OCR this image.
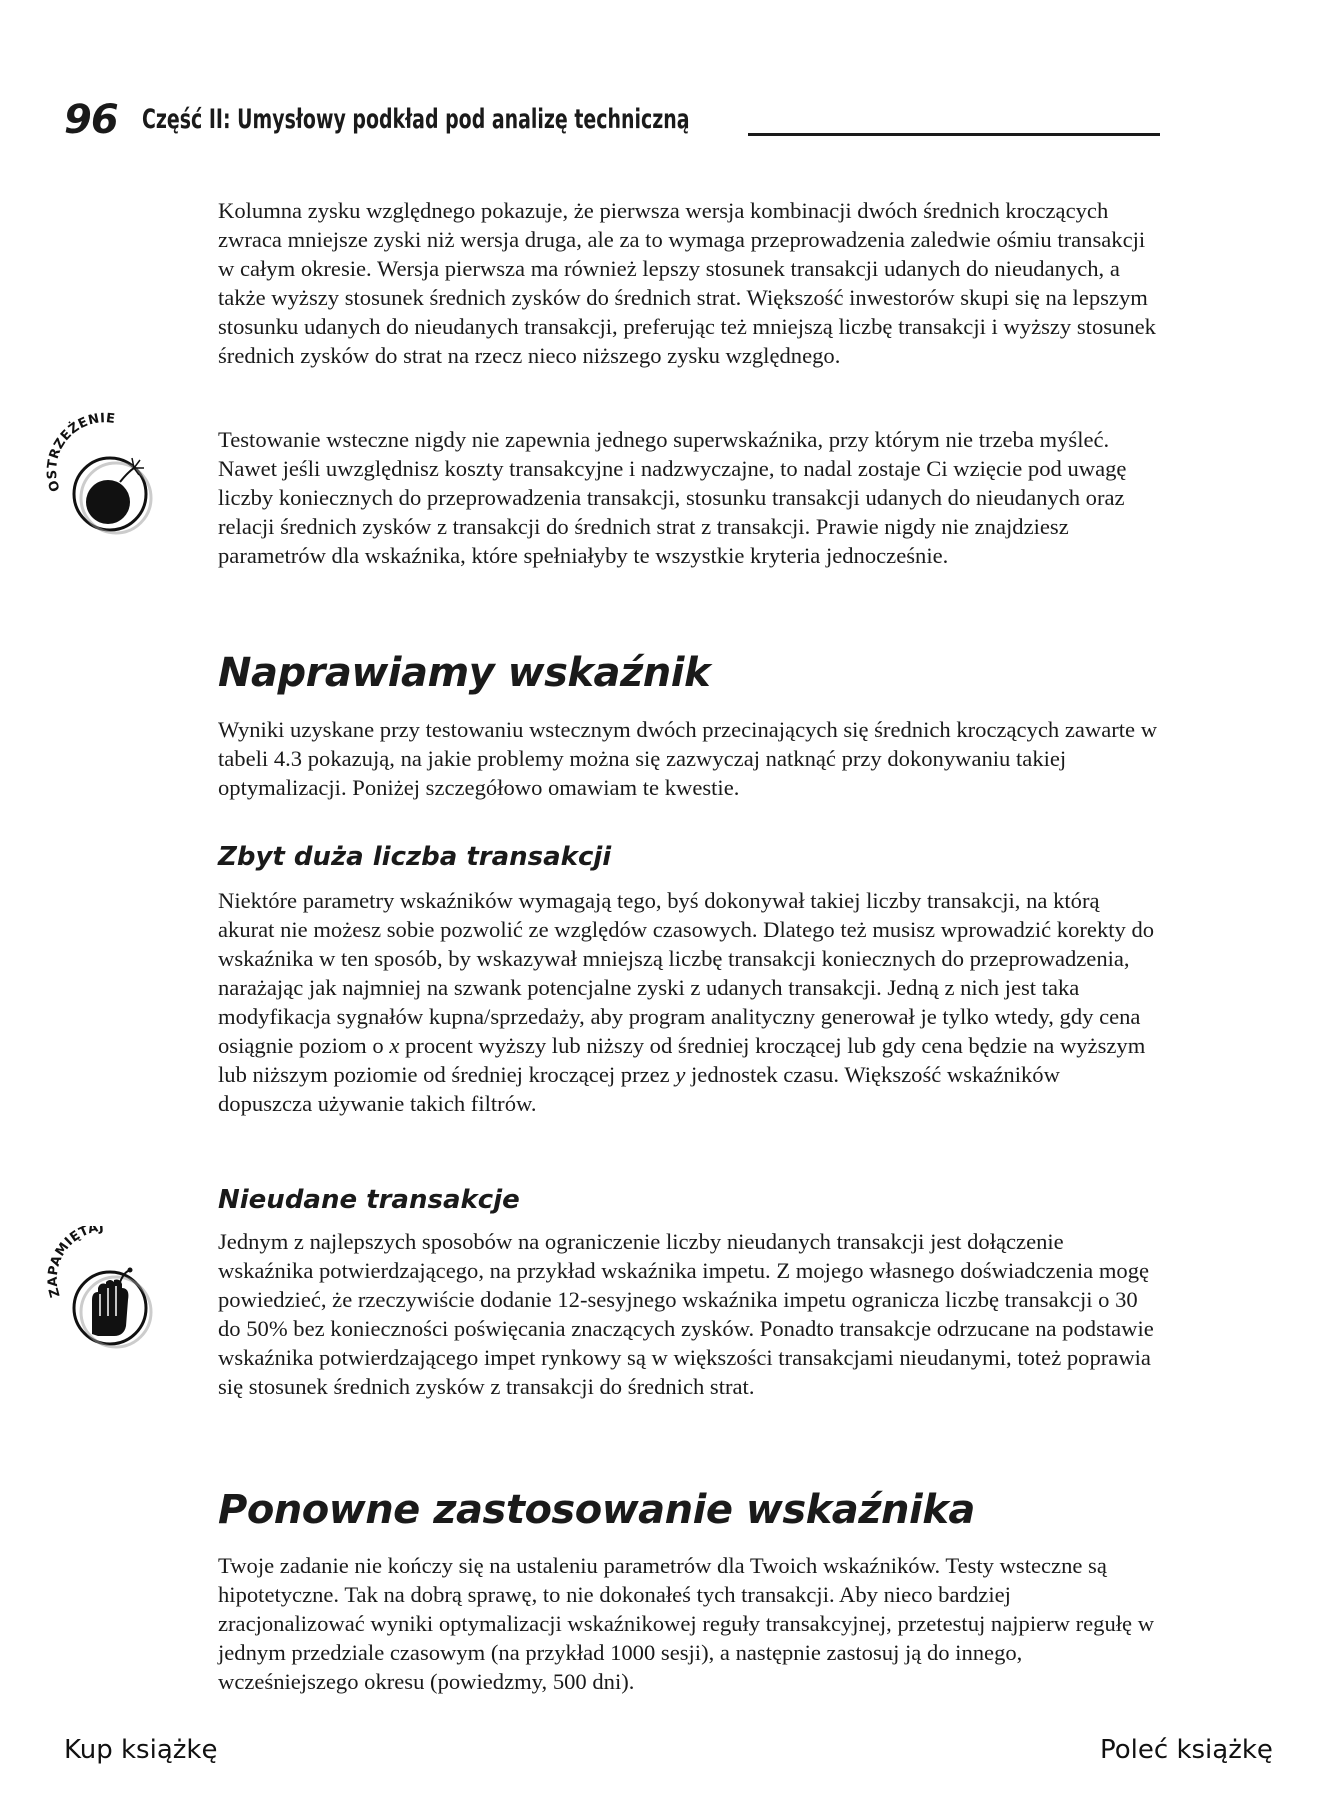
96 Część II: Umysłowy podkład pod analizę techniczną

Kolumna zysku względnego pokazuje, że pierwsza wersja kombinacji dwóch średnich kroczących zwraca mniejsze zyski niż wersja druga, ale za to wymaga przeprowadzenia zaledwie ośmiu transakcji w całym okresie. Wersja pierwsza ma również lepszy stosunek transakcji udanych do nieudanych, a także wyższy stosunek średnich zysków do średnich strat. Większość inwestorów skupi się na lepszym stosunku udanych do nieudanych transakcji, preferując też mniejszą liczbę transakcji i wyższy stosunek średnich zysków do strat na rzecz nieco niższego zysku względnego.

OSTRZEŻENIE

Testowanie wsteczne nigdy nie zapewnia jednego superwskaźnika, przy którym nie trzeba myśleć. Nawet jeśli uwzględnisz koszty transakcyjne i nadzwyczajne, to nadal zostaje Ci wzięcie pod uwagę liczby koniecznych do przeprowadzenia transakcji, stosunku transakcji udanych do nieudanych oraz relacji średnich zysków z transakcji do średnich strat z transakcji. Prawie nigdy nie znajdziesz parametrów dla wskaźnika, które spełniałyby te wszystkie kryteria jednocześnie.

Naprawiamy wskaźnik

Wyniki uzyskane przy testowaniu wstecznym dwóch przecinających się średnich kroczących zawarte w tabeli 4.3 pokazują, na jakie problemy można się zazwyczaj natknąć przy dokonywaniu takiej optymalizacji. Poniżej szczegółowo omawiam te kwestie.

Zbyt duża liczba transakcji

Niektóre parametry wskaźników wymagają tego, byś dokonywał takiej liczby transakcji, na którą akurat nie możesz sobie pozwolić ze względów czasowych. Dlatego też musisz wprowadzić korekty do wskaźnika w ten sposób, by wskazywał mniejszą liczbę transakcji koniecznych do przeprowadzenia, narażając jak najmniej na szwank potencjalne zyski z udanych transakcji. Jedną z nich jest taka modyfikacja sygnałów kupna/sprzedaży, aby program analityczny generował je tylko wtedy, gdy cena osiągnie poziom o x procent wyższy lub niższy od średniej kroczącej lub gdy cena będzie na wyższym lub niższym poziomie od średniej kroczącej przez y jednostek czasu. Większość wskaźników dopuszcza używanie takich filtrów.

Nieudane transakcje
ZAPAMIĘTAJ

Jednym z najlepszych sposobów na ograniczenie liczby nieudanych transakcji jest dołączenie wskaźnika potwierdzającego, na przykład wskaźnika impetu. Z mojego własnego doświadczenia mogę powiedzieć, że rzeczywiście dodanie 12-sesyjnego wskaźnika impetu ogranicza liczbę transakcji o 30 do 50% bez konieczności poświęcania znaczących zysków. Ponadto transakcje odrzucane na podstawie wskaźnika potwierdzającego impet rynkowy są w większości transakcjami nieudanymi, toteż poprawia się stosunek średnich zysków z transakcji do średnich strat.

Ponowne zastosowanie wskaźnika

Twoje zadanie nie kończy się na ustaleniu parametrów dla Twoich wskaźników. Testy wsteczne są hipotetyczne. Tak na dobrą sprawę, to nie dokonałeś tych transakcji. Aby nieco bardziej zracjonalizować wyniki optymalizacji wskaźnikowej reguły transakcyjnej, przetestuj najpierw regułę w jednym przedziale czasowym (na przykład 1000 sesji), a następnie zastosuj ją do innego, wcześniejszego okresu (powiedzmy, 500 dni).

Kup książkę	Poleć książkę
